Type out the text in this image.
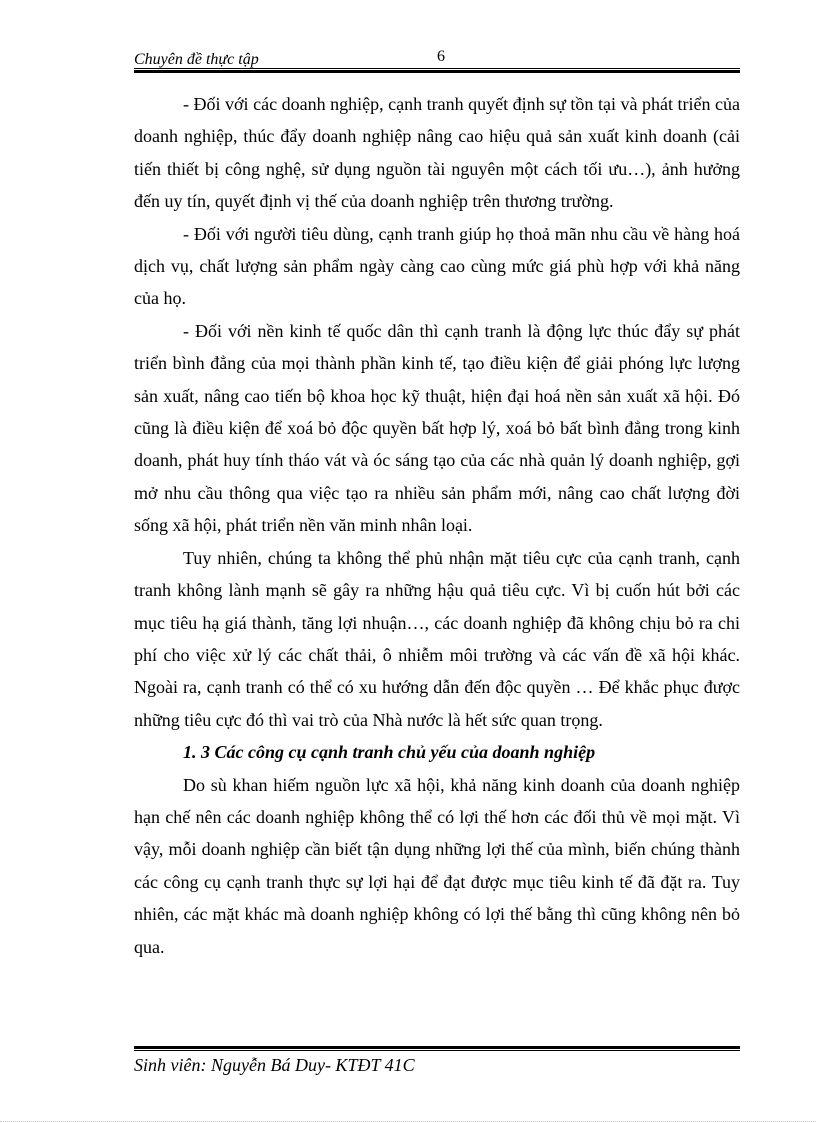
Chuyên đề thực tập	6

- Đối với các doanh nghiệp, cạnh tranh quyết định sự tồn tại và phát triển của doanh nghiệp, thúc đẩy doanh nghiệp nâng cao hiệu quả sản xuất kinh doanh (cải tiến thiết bị công nghệ, sử dụng nguồn tài nguyên một cách tối ưu…), ảnh hưởng đến uy tín, quyết định vị thế của doanh nghiệp trên thương trường.

- Đối với người tiêu dùng, cạnh tranh giúp họ thoả mãn nhu cầu về hàng hoá dịch vụ, chất lượng sản phẩm ngày càng cao cùng mức giá phù hợp với khả năng của họ.

- Đối với nền kinh tế quốc dân thì cạnh tranh là động lực thúc đẩy sự phát triển bình đẳng của mọi thành phần kinh tế, tạo điều kiện để giải phóng lực lượng sản xuất, nâng cao tiến bộ khoa học kỹ thuật, hiện đại hoá nền sản xuất xã hội. Đó cũng là điều kiện để xoá bỏ độc quyền bất hợp lý, xoá bỏ bất bình đẳng trong kinh doanh, phát huy tính tháo vát và óc sáng tạo của các nhà quản lý doanh nghiệp, gợi mở nhu cầu thông qua việc tạo ra nhiều sản phẩm mới, nâng cao chất lượng đời sống xã hội, phát triển nền văn minh nhân loại.

Tuy nhiên, chúng ta không thể phủ nhận mặt tiêu cực của cạnh tranh, cạnh tranh không lành mạnh sẽ gây ra những hậu quả tiêu cực. Vì bị cuốn hút bởi các mục tiêu hạ giá thành, tăng lợi nhuận…, các doanh nghiệp đã không chịu bỏ ra chi phí cho việc xử lý các chất thải, ô nhiễm môi trường và các vấn đề xã hội khác. Ngoài ra, cạnh tranh có thể có xu hướng dẫn đến độc quyền … Để khắc phục được những tiêu cực đó thì vai trò của Nhà nước là hết sức quan trọng.

1. 3 Các công cụ cạnh tranh chủ yếu của doanh nghiệp

Do sù khan hiếm nguồn lực xã hội, khả năng kinh doanh của doanh nghiệp hạn chế nên các doanh nghiệp không thể có lợi thế hơn các đối thủ về mọi mặt. Vì vậy, mỗi doanh nghiệp cần biết tận dụng những lợi thế của mình, biến chúng thành các công cụ cạnh tranh thực sự lợi hại để đạt được mục tiêu kinh tế đã đặt ra. Tuy nhiên, các mặt khác mà doanh nghiệp không có lợi thế bằng thì cũng không nên bỏ qua.

Sinh viên: Nguyễn Bá Duy- KTĐT 41C
